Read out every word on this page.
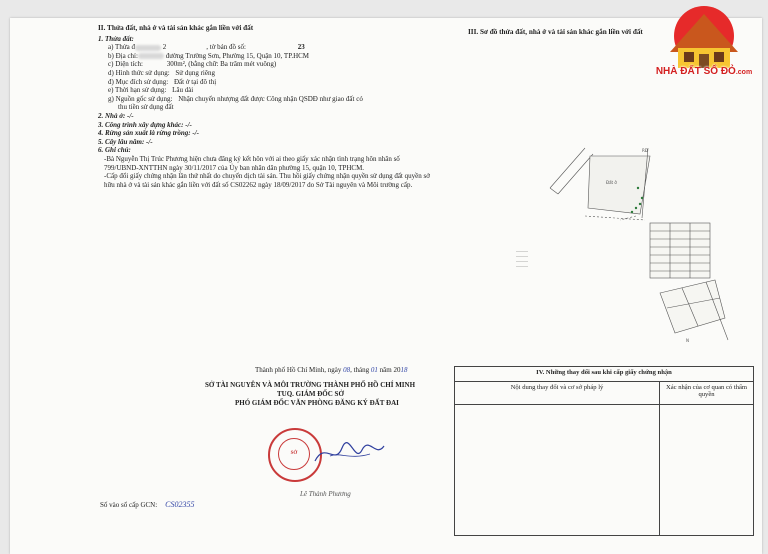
II. Thửa đất, nhà ở và tài sản khác gắn liền với đất
1. Thửa đất:
a) Thửa đ	2	, tờ bản đồ số:	23
b) Địa chỉ:	đường Trường Sơn, Phường 15, Quận 10, TP.HCM
c) Diện tích:	300m², (bằng chữ: Ba trăm mét vuông)
d) Hình thức sử dụng: Sử dụng riêng
đ) Mục đích sử dụng: Đất ở tại đô thị
e) Thời hạn sử dụng: Lâu dài
g) Nguồn gốc sử dụng: Nhận chuyển nhượng đất được Công nhận QSDĐ như giao đất có
thu tiền sử dụng đất
2. Nhà ở: -/-
3. Công trình xây dựng khác: -/-
4. Rừng sản xuất là rừng trồng: -/-
5. Cây lâu năm: -/-
6. Ghi chú:
-Bà Nguyễn Thị Trúc Phương hiện chưa đăng ký kết hôn với ai theo giấy xác nhận tình trạng hôn nhân số 799/UBND-XNTTHN ngày 30/11/2017 của Ủy ban nhân dân phường 15, quận 10, TPHCM.
-Cấp đổi giấy chứng nhận lần thứ nhất do chuyển dịch tài sản. Thu hồi giấy chứng nhận quyền sử dụng đất quyền sở hữu nhà ở và tài sản khác gắn liền với đất số CS02262 ngày 18/09/2017 do Sở Tài nguyên và Môi trường cấp.
III. Sơ đồ thửa đất, nhà ở và tài sản khác gắn liền với đất
Đất ở
RĐ
N
———
———
———
———
Thành phố Hồ Chí Minh, ngày 08, tháng 01 năm 2018
SỞ TÀI NGUYÊN VÀ MÔI TRƯỜNG THÀNH PHỐ HỒ CHÍ MINH
TUQ. GIÁM ĐỐC SỞ
PHÓ GIÁM ĐỐC VĂN PHÒNG ĐĂNG KÝ ĐẤT ĐAI
SỞ
Lê Thành Phương
Số vào sổ cấp GCN: CS02355
IV. Những thay đổi sau khi cấp giấy chứng nhận	
Nội dung thay đổi và cơ sở pháp lý	Xác nhận của cơ quan có thẩm quyền

NHÀ ĐẤT SỔ ĐỎ.com
